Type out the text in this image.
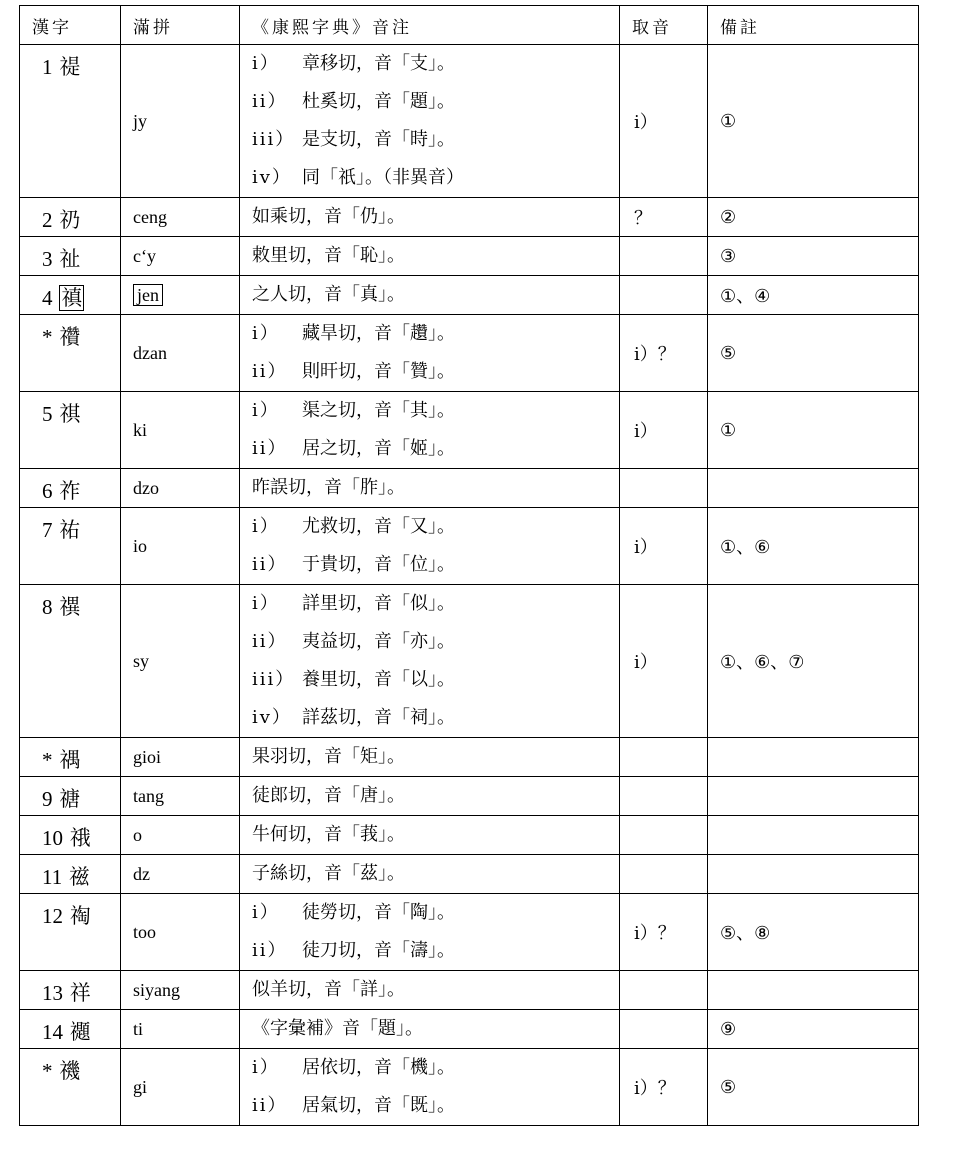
漢字	滿拼	《康熙字典》音注	取音	備註
1 禔	jy	i） 章移切，音「支」。
ii） 杜奚切，音「題」。
iii） 是支切，音「時」。
iv） 同「祇」。（非異音）	i）	①
2 礽	ceng	如乘切，音「仍」。	？	②
3 祉	cʻy	敕里切，音「恥」。		③
4 禛	jen	之人切，音「真」。		①、④
* 禶	dzan	i） 藏旱切，音「趲」。
ii） 則旰切，音「贊」。	i）？	⑤
5 祺	ki	i） 渠之切，音「其」。
ii） 居之切，音「姬」。	i）	①
6 祚	dzo	昨誤切，音「胙」。		

7 祐	io	i） 尤救切，音「又」。
ii） 于貴切，音「位」。	i）	①、⑥
8 禩	sy	i） 詳里切，音「似」。
ii） 夷益切，音「亦」。
iii） 養里切，音「以」。
iv） 詳茲切，音「祠」。	i）	①、⑥、⑦
* 禑	gioi	果羽切，音「矩」。		

9 禟	tang	徒郎切，音「唐」。		

10 䄉	o	牛何切，音「莪」。		

11 禌	dz	子絲切，音「茲」。		

12 祹	too	i） 徒勞切，音「陶」。
ii） 徒刀切，音「濤」。	i）？	⑤、⑧
13 祥	siyang	似羊切，音「詳」。		

14 禵	ti	《字彙補》音「題」。		⑨
* 禨	gi	i） 居依切，音「機」。
ii） 居氣切，音「既」。	i）？	⑤
